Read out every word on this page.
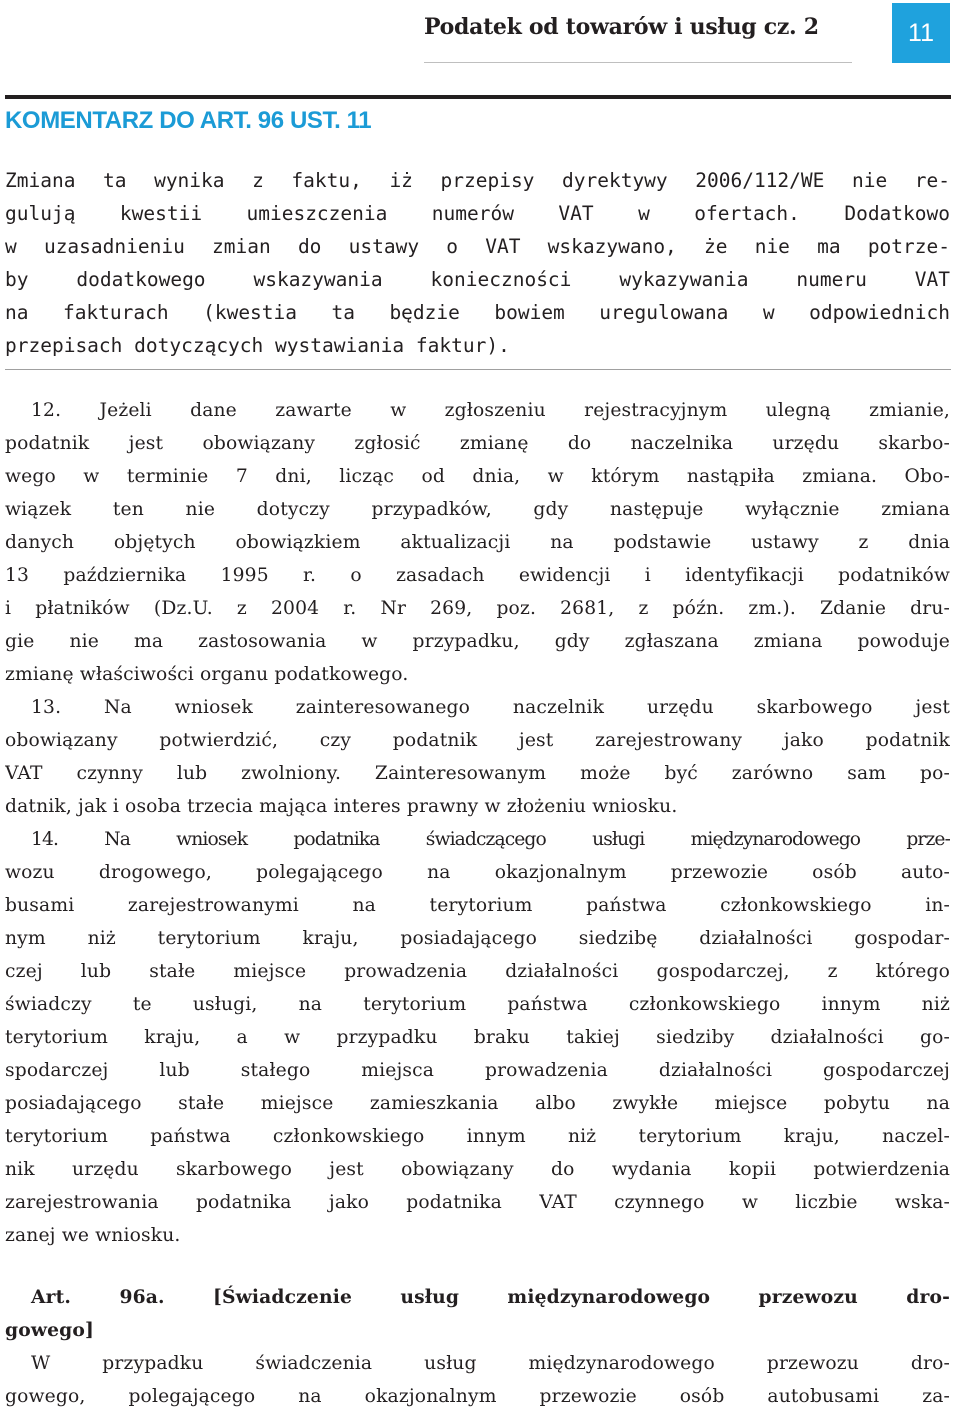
Podatek od towarów i usług cz. 2	11
KOMENTARZ DO ART. 96 UST. 11
Zmiana ta wynika z faktu, iż przepisy dyrektywy 2006/112/WE nie re-
gulują kwestii umieszczenia numerów VAT w ofertach. Dodatkowo
w uzasadnieniu zmian do ustawy o VAT wskazywano, że nie ma potrze-
by dodatkowego wskazywania konieczności wykazywania numeru VAT
na fakturach (kwestia ta będzie bowiem uregulowana w odpowiednich
przepisach dotyczących wystawiania faktur).
12. Jeżeli dane zawarte w zgłoszeniu rejestracyjnym ulegną zmianie,
podatnik jest obowiązany zgłosić zmianę do naczelnika urzędu skarbo-
wego w terminie 7 dni, licząc od dnia, w którym nastąpiła zmiana. Obo-
wiązek ten nie dotyczy przypadków, gdy następuje wyłącznie zmiana
danych objętych obowiązkiem aktualizacji na podstawie ustawy z dnia
13 października 1995 r. o zasadach ewidencji i identyfikacji podatników
i płatników (Dz.U. z 2004 r. Nr 269, poz. 2681, z późn. zm.). Zdanie dru-
gie nie ma zastosowania w przypadku, gdy zgłaszana zmiana powoduje
zmianę właściwości organu podatkowego.
13. Na wniosek zainteresowanego naczelnik urzędu skarbowego jest
obowiązany potwierdzić, czy podatnik jest zarejestrowany jako podatnik
VAT czynny lub zwolniony. Zainteresowanym może być zarówno sam po-
datnik, jak i osoba trzecia mająca interes prawny w złożeniu wniosku.
14. Na wniosek podatnika świadczącego usługi międzynarodowego prze-
wozu drogowego, polegającego na okazjonalnym przewozie osób auto-
busami zarejestrowanymi na terytorium państwa członkowskiego in-
nym niż terytorium kraju, posiadającego siedzibę działalności gospodar-
czej lub stałe miejsce prowadzenia działalności gospodarczej, z którego
świadczy te usługi, na terytorium państwa członkowskiego innym niż
terytorium kraju, a w przypadku braku takiej siedziby działalności go-
spodarczej lub stałego miejsca prowadzenia działalności gospodarczej
posiadającego stałe miejsce zamieszkania albo zwykłe miejsce pobytu na
terytorium państwa członkowskiego innym niż terytorium kraju, naczel-
nik urzędu skarbowego jest obowiązany do wydania kopii potwierdzenia
zarejestrowania podatnika jako podatnika VAT czynnego w liczbie wska-
zanej we wniosku.
Art. 96a. [Świadczenie usług międzynarodowego przewozu dro-
gowego]
W przypadku świadczenia usług międzynarodowego przewozu dro-
gowego, polegającego na okazjonalnym przewozie osób autobusami za-
